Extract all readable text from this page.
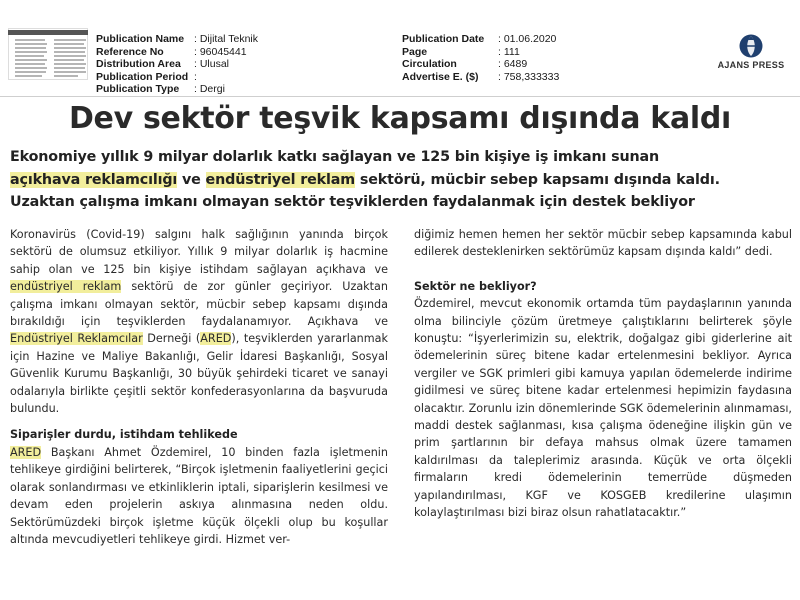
Publication Name : Dijital Teknik
Reference No	: 96045441
Distribution Area	: Ulusal
Publication Period :
Publication Type	: Dergi
Publication Date	: 01.06.2020
Page	: 111
Circulation	: 6489
Advertise E. ($)	: 758,333333
AJANS PRESS
Dev sektör teşvik kapsamı dışında kaldı
Ekonomiye yıllık 9 milyar dolarlık katkı sağlayan ve 125 bin kişiye iş imkanı sunan
açıkhava reklamcılığı ve endüstriyel reklam sektörü, mücbir sebep kapsamı dışında kaldı.
Uzaktan çalışma imkanı olmayan sektör teşviklerden faydalanmak için destek bekliyor

Koronavirüs (Covid-19) salgını halk sağlığının yanında birçok sektörü de olumsuz etkiliyor. Yıllık 9 milyar dolarlık iş hacmine sahip olan ve 125 bin kişiye istihdam sağlayan açıkhava ve endüstriyel reklam sektörü de zor günler geçiriyor. Uzaktan çalışma imkanı olmayan sektör, mücbir sebep kapsamı dışında bırakıldığı için teşviklerden faydalanamıyor. Açıkhava ve Endüstriyel Reklamcılar Derneği (ARED), teşviklerden yararlanmak için Hazine ve Maliye Bakanlığı, Gelir İdaresi Başkanlığı, Sosyal Güvenlik Kurumu Başkanlığı, 30 büyük şehirdeki ticaret ve sanayi odalarıyla birlikte çeşitli sektör konfederasyonlarına da başvuruda bulundu.

Siparişler durdu, istihdam tehlikede

ARED Başkanı Ahmet Özdemirel, 10 binden fazla işletmenin tehlikeye girdiğini belirterek, “Birçok işletmenin faaliyetlerini geçici olarak sonlandırması ve etkinliklerin iptali, siparişlerin kesilmesi ve devam eden projelerin askıya alınmasına neden oldu. Sektörümüzdeki birçok işletme küçük ölçekli olup bu koşullar altında mevcudiyetleri tehlikeye girdi. Hizmet ver-

diğimiz hemen hemen her sektör mücbir sebep kapsamında kabul edilerek desteklenirken sektörümüz kapsam dışında kaldı” dedi.

Sektör ne bekliyor?

Özdemirel, mevcut ekonomik ortamda tüm paydaşlarının yanında olma bilinciyle çözüm üretmeye çalıştıklarını belirterek şöyle konuştu: “İşyerlerimizin su, elektrik, doğalgaz gibi giderlerine ait ödemelerinin süreç bitene kadar ertelenmesini bekliyor. Ayrıca vergiler ve SGK primleri gibi kamuya yapılan ödemelerde indirime gidilmesi ve süreç bitene kadar ertelenmesi hepimizin faydasına olacaktır. Zorunlu izin dönemlerinde SGK ödemelerinin alınmaması, maddi destek sağlanması, kısa çalışma ödeneğine ilişkin gün ve prim şartlarının bir defaya mahsus olmak üzere tamamen kaldırılması da taleplerimiz arasında. Küçük ve orta ölçekli firmaların kredi ödemelerinin temerrüde düşmeden yapılandırılması, KGF ve KOSGEB kredilerine ulaşımın kolaylaştırılması bizi biraz olsun rahatlatacaktır.”
